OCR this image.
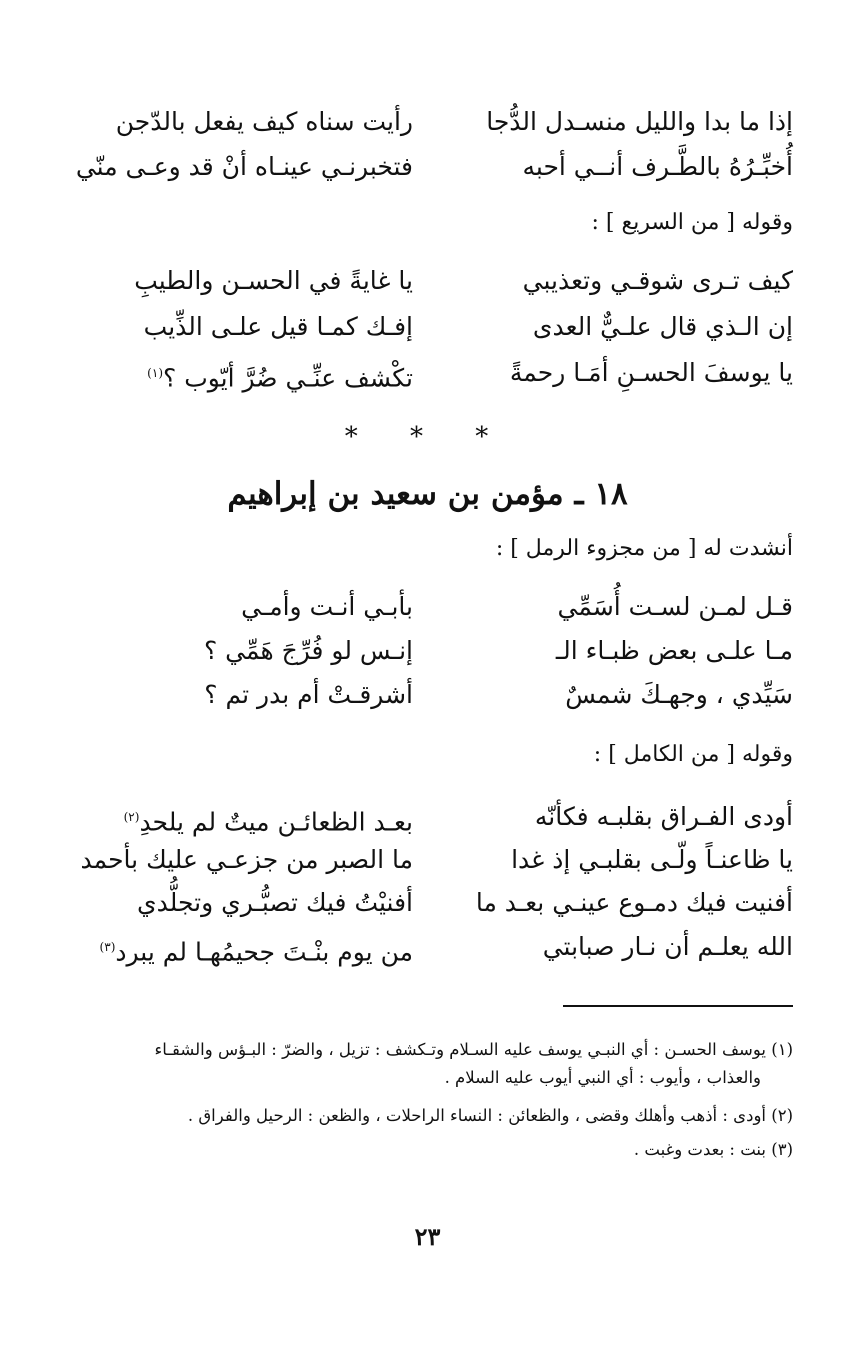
إذا ما بدا والليل منسـدل الدُّجا
رأيت سناه كيف يفعل بالدّجن
أُخبِّـرُهُ بالطَّـرف أنــي أحبه
فتخبرنـي عينـاه أنْ قد وعـى منّي
وقوله [ من السريع ] :
كيف تـرى شوقـي وتعذيبي
يا غايةً في الحسـن والطيبِ
إن الـذي قال علـيٌّ العدى
إفـك كمـا قيل علـى الذِّيب
يا يوسفَ الحسـنِ أمَـا رحمةً
تكْشف عنِّـي ضُرَّ أيّوب ؟$^{(١)}$
* * *
١٨ ـ مؤمن بن سعيد بن إبراهيم
أنشدت له [ من مجزوء الرمل ] :
قـل لمـن لسـت أُسَمِّي
بأبـي أنـت وأمـي
مـا علـى بعض ظبـاء الـ
إنـس لو فُرِّجَ هَمِّي ؟
سَيِّدي ، وجهـكَ شمسٌ
أشرقـتْ أم بدر تم ؟
وقوله [ من الكامل ] :
أودى الفـراق بقلبـه فكأنّه
بعـد الظعائـن ميتٌ لم يلحدِ$^{(٢)}$
يا ظاعنـاً ولّـى بقلبـي إذ غدا
ما الصبر من جزعـي عليك بأحمد
أفنيت فيك دمـوع عينـي بعـد ما
أفنيْتُ فيك تصبُّـري وتجلُّدي
الله يعلـم أن نـار صبابتي
من يوم بنْـتَ جحيمُهـا لم يبرد$^{(٣)}$
(١) يوسف الحسـن : أي النبـي يوسف عليه السـلام وتـكشف : تزيل ، والضرّ : البـؤس والشقـاء
والعذاب ، وأيوب : أي النبي أيوب عليه السلام .
(٢) أودى : أذهب وأهلك وقضى ، والظعائن : النساء الراحلات ، والظعن : الرحيل والفراق .
(٣) بنت : بعدت وغبت .
٢٣
